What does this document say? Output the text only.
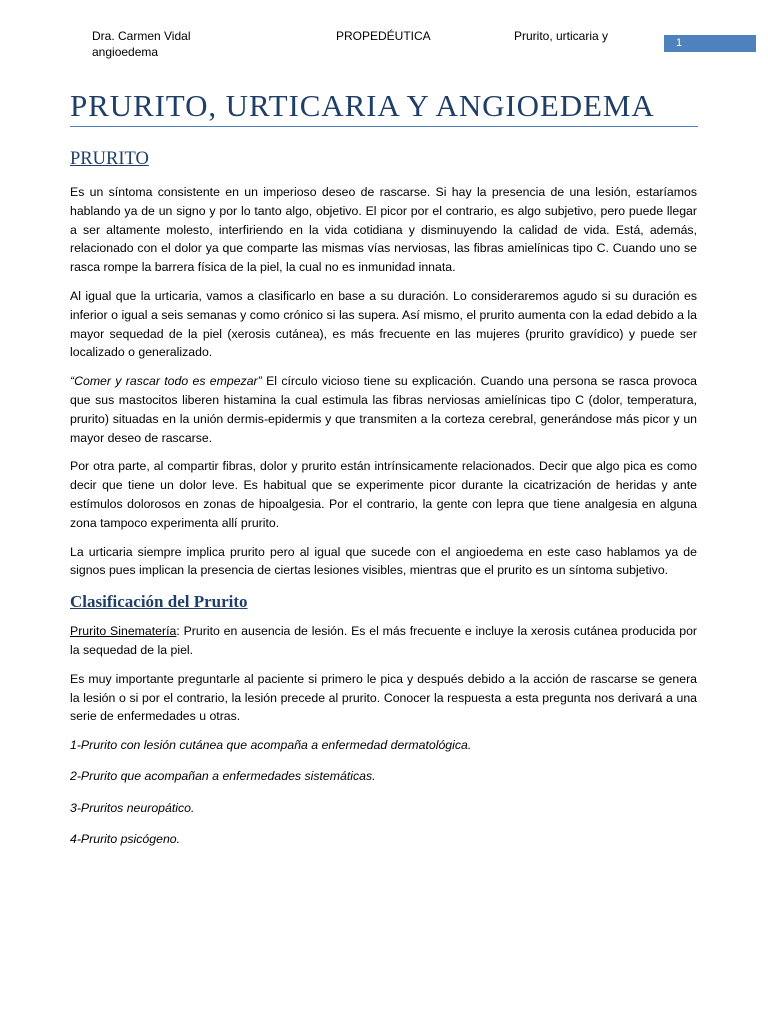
Dra. Carmen Vidal	PROPEDÉUTICA	Prurito, urticaria y
angioedema
1
PRURITO, URTICARIA Y ANGIOEDEMA
PRURITO

Es un síntoma consistente en un imperioso deseo de rascarse. Si hay la presencia de una lesión, estaríamos hablando ya de un signo y por lo tanto algo, objetivo. El picor por el contrario, es algo subjetivo, pero puede llegar a ser altamente molesto, interfiriendo en la vida cotidiana y disminuyendo la calidad de vida. Está, además, relacionado con el dolor ya que comparte las mismas vías nerviosas, las fibras amielínicas tipo C. Cuando uno se rasca rompe la barrera física de la piel, la cual no es inmunidad innata.

Al igual que la urticaria, vamos a clasificarlo en base a su duración. Lo consideraremos agudo si su duración es inferior o igual a seis semanas y como crónico si las supera. Así mismo, el prurito aumenta con la edad debido a la mayor sequedad de la piel (xerosis cutánea), es más frecuente en las mujeres (prurito gravídico) y puede ser localizado o generalizado.

“Comer y rascar todo es empezar” El círculo vicioso tiene su explicación. Cuando una persona se rasca provoca que sus mastocitos liberen histamina la cual estimula las fibras nerviosas amielínicas tipo C (dolor, temperatura, prurito) situadas en la unión dermis-epidermis y que transmiten a la corteza cerebral, generándose más picor y un mayor deseo de rascarse.

Por otra parte, al compartir fibras, dolor y prurito están intrínsicamente relacionados. Decir que algo pica es como decir que tiene un dolor leve. Es habitual que se experimente picor durante la cicatrización de heridas y ante estímulos dolorosos en zonas de hipoalgesia. Por el contrario, la gente con lepra que tiene analgesia en alguna zona tampoco experimenta allí prurito.

La urticaria siempre implica prurito pero al igual que sucede con el angioedema en este caso hablamos ya de signos pues implican la presencia de ciertas lesiones visibles, mientras que el prurito es un síntoma subjetivo.

Clasificación del Prurito

Prurito Sinematería: Prurito en ausencia de lesión. Es el más frecuente e incluye la xerosis cutánea producida por la sequedad de la piel.

Es muy importante preguntarle al paciente si primero le pica y después debido a la acción de rascarse se genera la lesión o si por el contrario, la lesión precede al prurito. Conocer la respuesta a esta pregunta nos derivará a una serie de enfermedades u otras.

1-Prurito con lesión cutánea que acompaña a enfermedad dermatológica.

2-Prurito que acompañan a enfermedades sistemáticas.

3-Pruritos neuropático.

4-Prurito psicógeno.
